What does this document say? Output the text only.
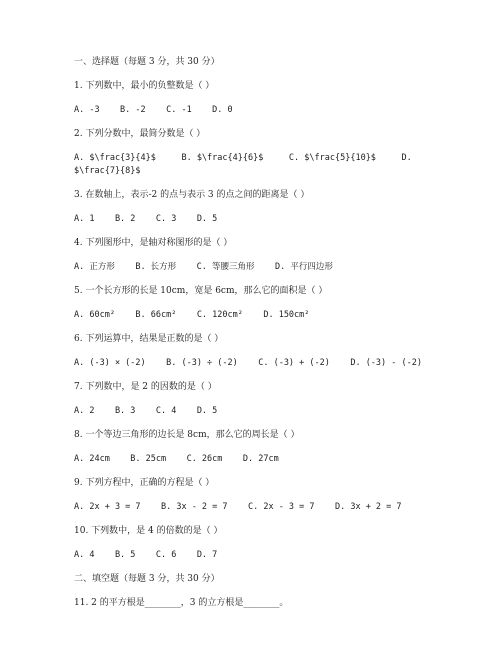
一、选择题（每题 3 分，共 30 分）
1. 下列数中，最小的负整数是（ ）
A. -3    B. -2    C. -1    D. 0
2. 下列分数中，最简分数是（ ）
A. $\frac{3}{4}$     B. $\frac{4}{6}$     C. $\frac{5}{10}$     D.
$\frac{7}{8}$
3. 在数轴上，表示-2 的点与表示 3 的点之间的距离是（ ）
A. 1    B. 2    C. 3    D. 5
4. 下列图形中，是轴对称图形的是（ ）
A. 正方形    B. 长方形    C. 等腰三角形    D. 平行四边形
5. 一个长方形的长是 10cm，宽是 6cm，那么它的面积是（ ）
A. 60cm²    B. 66cm²    C. 120cm²    D. 150cm²
6. 下列运算中，结果是正数的是（ ）
A. (-3) × (-2)    B. (-3) ÷ (-2)    C. (-3) + (-2)    D. (-3) - (-2)
7. 下列数中，是 2 的因数的是（ ）
A. 2    B. 3    C. 4    D. 5
8. 一个等边三角形的边长是 8cm，那么它的周长是（ ）
A. 24cm    B. 25cm    C. 26cm    D. 27cm
9. 下列方程中，正确的方程是（ ）
A. 2x + 3 = 7    B. 3x - 2 = 7    C. 2x - 3 = 7    D. 3x + 2 = 7
10. 下列数中，是 4 的倍数的是（ ）
A. 4    B. 5    C. 6    D. 7
二、填空题（每题 3 分，共 30 分）
11. 2 的平方根是________，3 的立方根是________。
